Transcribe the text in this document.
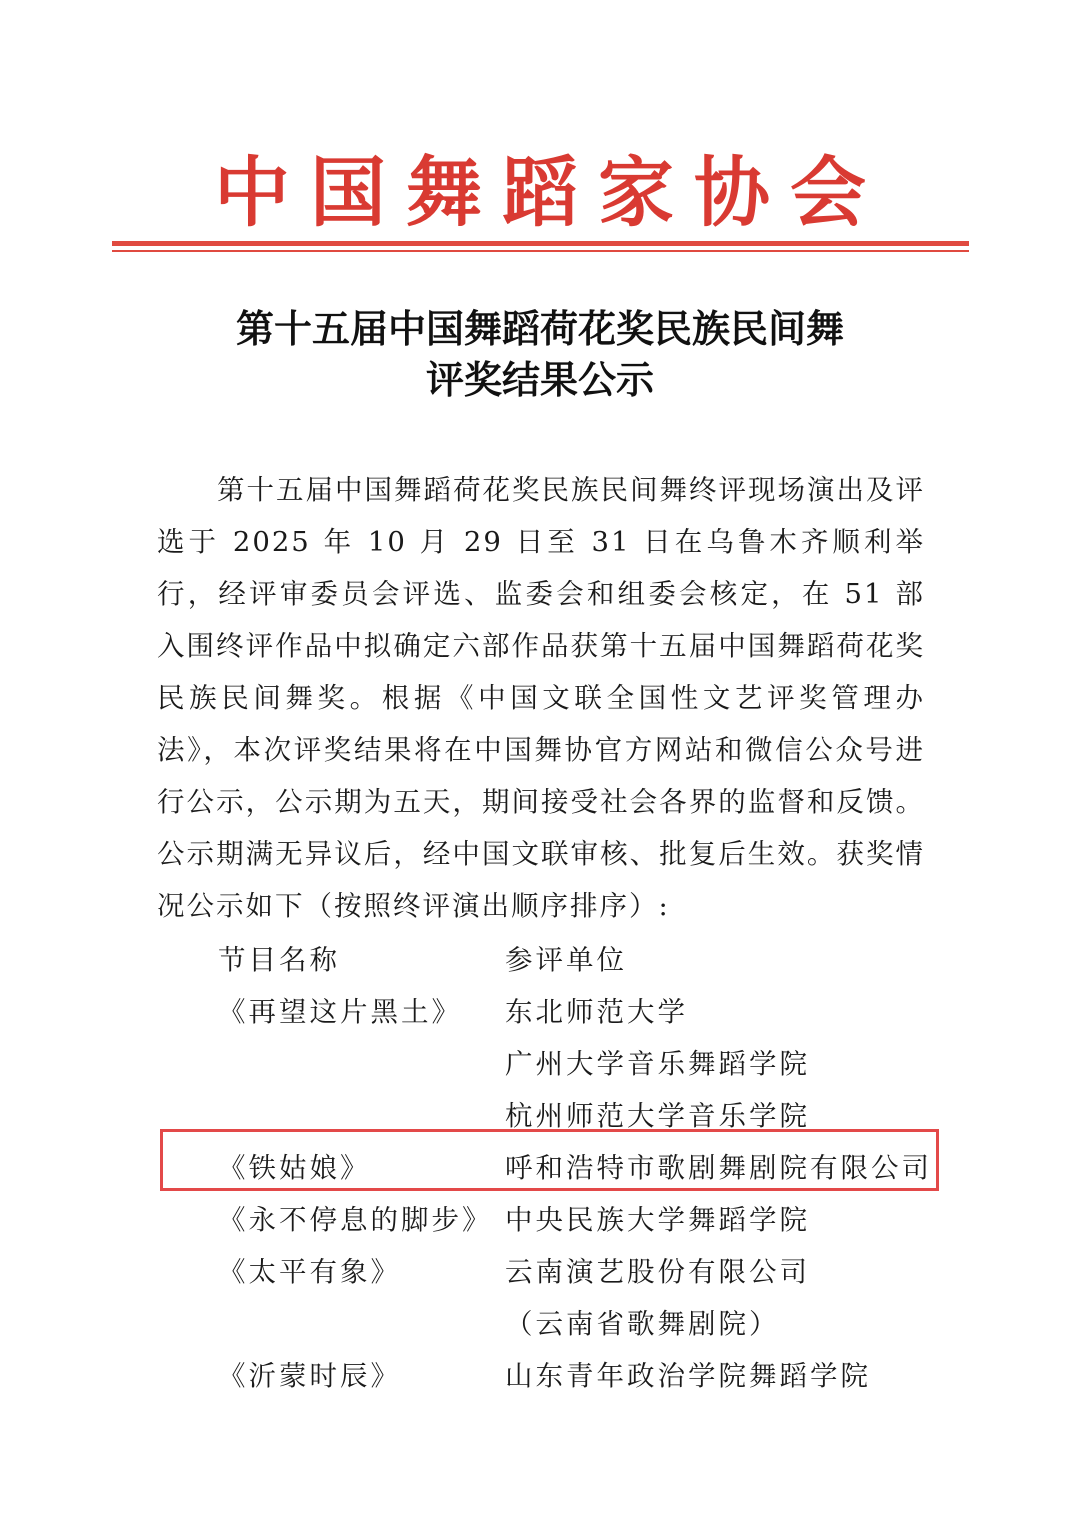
中国舞蹈家协会
第十五届中国舞蹈荷花奖民族民间舞
评奖结果公示

第十五届中国舞蹈荷花奖民族民间舞终评现场演出及评选于 2025 年 10 月 29 日至 31 日在乌鲁木齐顺利举行，经评审委员会评选、监委会和组委会核定，在 51 部入围终评作品中拟确定六部作品获第十五届中国舞蹈荷花奖民族民间舞奖。根据《中国文联全国性文艺评奖管理办法》，本次评奖结果将在中国舞协官方网站和微信公众号进行公示，公示期为五天，期间接受社会各界的监督和反馈。公示期满无异议后，经中国文联审核、批复后生效。获奖情况公示如下（按照终评演出顺序排序）:

节目名称	参评单位
《再望这片黑土》 东北师范大学
广州大学音乐舞蹈学院
杭州师范大学音乐学院
《铁姑娘》	呼和浩特市歌剧舞剧院有限公司
《永不停息的脚步》 中央民族大学舞蹈学院
《太平有象》	云南演艺股份有限公司
（云南省歌舞剧院）
《沂蒙时辰》	山东青年政治学院舞蹈学院
